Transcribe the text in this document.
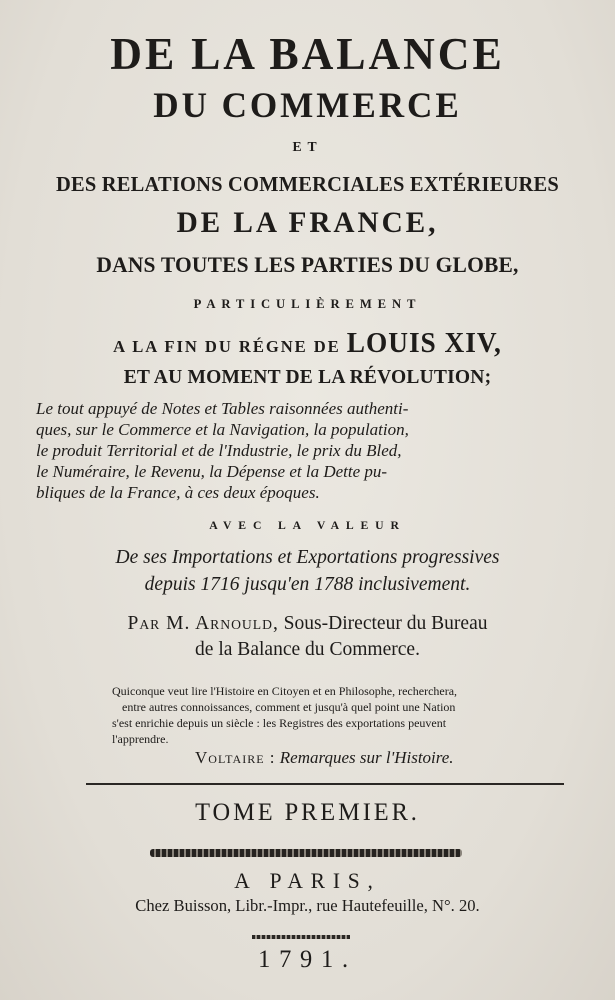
DE LA BALANCE
DU COMMERCE
ET
DES RELATIONS COMMERCIALES EXTÉRIEURES
DE LA FRANCE,
DANS TOUTES LES PARTIES DU GLOBE,
PARTICULIÈREMENT
A LA FIN DU RÉGNE DE LOUIS XIV,
ET AU MOMENT DE LA RÉVOLUTION;
Le tout appuyé de Notes et Tables raisonnées authenti-
ques, sur le Commerce et la Navigation, la population,
le produit Territorial et de l'Industrie, le prix du Bled,
le Numéraire, le Revenu, la Dépense et la Dette pu-
bliques de la France, à ces deux époques.
AVEC LA VALEUR
De ses Importations et Exportations progressives
depuis 1716 jusqu'en 1788 inclusivement.
Par M. Arnould, Sous-Directeur du Bureau
de la Balance du Commerce.
Quiconque veut lire l'Histoire en Citoyen et en Philosophe, recherchera,
entre autres connoissances, comment et jusqu'à quel point une Nation
s'est enrichie depuis un siècle : les Registres des exportations peuvent
l'apprendre.
Voltaire : Remarques sur l'Histoire.
TOME PREMIER.
A PARIS,
Chez Buisson, Libr.-Impr., rue Hautefeuille, N°. 20.
1791.
